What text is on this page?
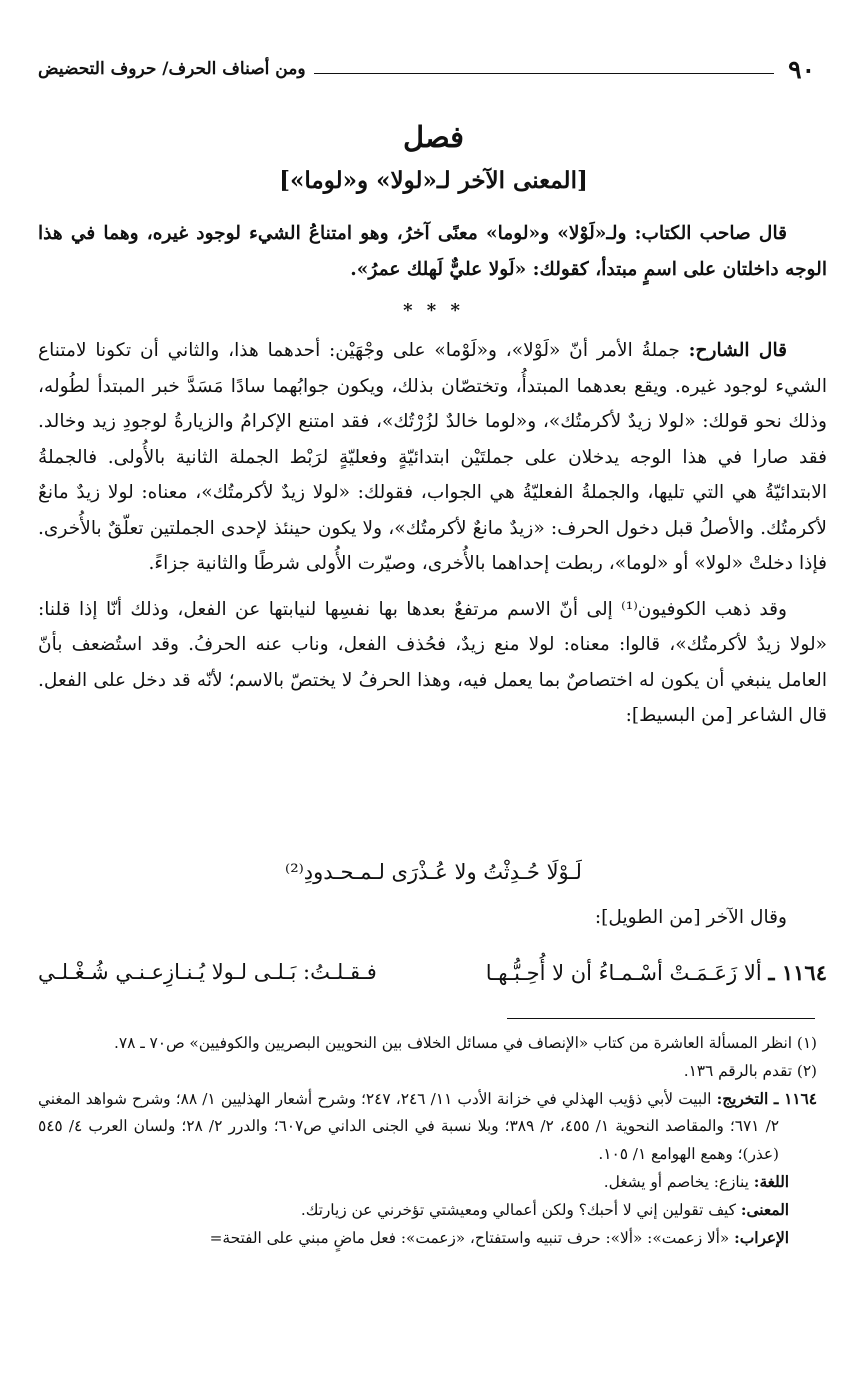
٩٠
ومن أصناف الحرف/ حروف التحضيض
فصل
[المعنى الآخر لـ«لولا» و«لوما»]

قال صاحب الكتاب: ولـ«لَوْلا» و«لوما» معنًى آخرُ، وهو امتناعُ الشيء لوجود غيره، وهما في هذا الوجه داخلتان على اسمٍ مبتدأ، كقولك: «لَولا عليٌّ لَهلك عمرُ».

* * *

قال الشارح: جملةُ الأمر أنّ «لَوْلا»، و«لَوْما» على وجْهَيْن: أحدهما هذا، والثاني أن تكونا لامتناع الشيء لوجود غيره. ويقع بعدهما المبتدأُ، وتختصّان بذلك، ويكون جوابُهما سادًا مَسَدَّ خبر المبتدأ لطُوله، وذلك نحو قولك: «لولا زيدٌ لأكرمتُك»، و«لوما خالدٌ لزُرْتُك»، فقد امتنع الإكرامُ والزيارةُ لوجودِ زيد وخالد. فقد صارا في هذا الوجه يدخلان على جملتَيْن ابتدائيّةٍ وفعليّةٍ لرَبْط الجملة الثانية بالأُولى. فالجملةُ الابتدائيّةُ هي التي تليها، والجملةُ الفعليّةُ هي الجواب، فقولك: «لولا زيدٌ لأكرمتُك»، معناه: لولا زيدٌ مانعٌ لأكرمتُك. والأصلُ قبل دخول الحرف: «زيدٌ مانعٌ لأكرمتُك»، ولا يكون حينئذ لإحدى الجملتين تعلّقٌ بالأُخرى. فإذا دخلتْ «لولا» أو «لوما»، ربطت إحداهما بالأُخرى، وصيّرت الأُولى شرطًا والثانية جزاءً.

وقد ذهب الكوفيون⁽¹⁾ إلى أنّ الاسم مرتفعٌ بعدها بها نفسِها لنيابتها عن الفعل، وذلك أنّا إذا قلنا: «لولا زيدٌ لأكرمتُك»، قالوا: معناه: لولا منع زيدٌ، فحُذف الفعل، وناب عنه الحرفُ. وقد استُضعف بأنّ العامل ينبغي أن يكون له اختصاصٌ بما يعمل فيه، وهذا الحرفُ لا يختصّ بالاسم؛ لأنّه قد دخل على الفعل. قال الشاعر [من البسيط]:

لَـوْلَا حُـدِثْتُ ولا عُـذْرَى لـمـحـدودِ⁽²⁾
وقال الآخر [من الطويل]:
١١٦٤ ـ ألا زَعَـمَـتْ أسْـمـاءُ أن لا أُحِـبُّـهـا
فـقـلـتُ: بَـلـى لـولا يُـنـازِعـنـي شُـغْـلـي

(١) انظر المسألة العاشرة من كتاب «الإنصاف في مسائل الخلاف بين النحويين البصريين والكوفيين» ص٧٠ ـ ٧٨.

(٢) تقدم بالرقم ١٣٦.

١١٦٤ ـ التخريج: البيت لأبي ذؤيب الهذلي في خزانة الأدب ١١/ ٢٤٦، ٢٤٧؛ وشرح أشعار الهذليين ١/ ٨٨؛ وشرح شواهد المغني ٢/ ٦٧١؛ والمقاصد النحوية ١/ ٤٥٥، ٢/ ٣٨٩؛ وبلا نسبة في الجنى الداني ص٦٠٧؛ والدرر ٢/ ٢٨؛ ولسان العرب ٤/ ٥٤٥ (عذر)؛ وهمع الهوامع ١/ ١٠٥.

اللغة: ينازع: يخاصم أو يشغل.

المعنى: كيف تقولين إني لا أحبك؟ ولكن أعمالي ومعيشتي تؤخرني عن زيارتك.

الإعراب: «ألا زعمت»: «ألا»: حرف تنبيه واستفتاح، «زعمت»: فعل ماضٍ مبني على الفتحة=
